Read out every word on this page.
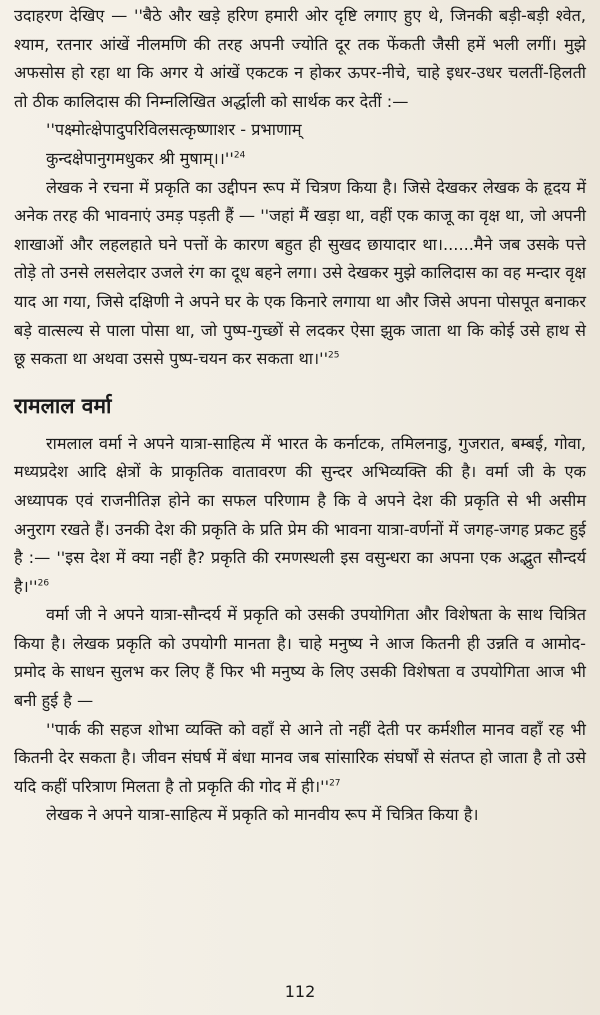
उदाहरण देखिए — ''बैठे और खड़े हरिण हमारी ओर दृष्टि लगाए हुए थे, जिनकी बड़ी-बड़ी श्वेत, श्याम, रतनार आंखें नीलमणि की तरह अपनी ज्योति दूर तक फेंकती जैसी हमें भली लगीं। मुझे अफसोस हो रहा था कि अगर ये आंखें एकटक न होकर ऊपर-नीचे, चाहे इधर-उधर चलतीं-हिलती तो ठीक कालिदास की निम्नलिखित अर्द्धाली को सार्थक कर देतीं :—

''पक्ष्मोत्क्षेपादुपरिविलसत्कृष्णाशर - प्रभाणाम्

कुन्दक्षेपानुगमधुकर श्री $मुषाम्।।''^{24}$

लेखक ने रचना में प्रकृति का उद्दीपन रूप में चित्रण किया है। जिसे देखकर लेखक के हृदय में अनेक तरह की भावनाएं उमड़ पड़ती हैं — ''जहां मैं खड़ा था, वहीं एक काजू का वृक्ष था, जो अपनी शाखाओं और लहलहाते घने पत्तों के कारण बहुत ही सुखद छायादार था।......मैने जब उसके पत्ते तोड़े तो उनसे लसलेदार उजले रंग का दूध बहने लगा। उसे देखकर मुझे कालिदास का वह मन्दार वृक्ष याद आ गया, जिसे दक्षिणी ने अपने घर के एक किनारे लगाया था और जिसे अपना पोसपूत बनाकर बड़े वात्सल्य से पाला पोसा था, जो पुष्प-गुच्छों से लदकर ऐसा झुक जाता था कि कोई उसे हाथ से छू सकता था अथवा उससे पुष्प-चयन कर सकता $था।''^{25}$

रामलाल वर्मा

रामलाल वर्मा ने अपने यात्रा-साहित्य में भारत के कर्नाटक, तमिलनाडु, गुजरात, बम्बई, गोवा, मध्यप्रदेश आदि क्षेत्रों के प्राकृतिक वातावरण की सुन्दर अभिव्यक्ति की है। वर्मा जी के एक अध्यापक एवं राजनीतिज्ञ होने का सफल परिणाम है कि वे अपने देश की प्रकृति से भी असीम अनुराग रखते हैं। उनकी देश की प्रकृति के प्रति प्रेम की भावना यात्रा-वर्णनों में जगह-जगह प्रकट हुई है :— ''इस देश में क्या नहीं है? प्रकृति की रमणस्थली इस वसुन्धरा का अपना एक अद्भुत सौन्दर्य $है।''^{26}$

वर्मा जी ने अपने यात्रा-सौन्दर्य में प्रकृति को उसकी उपयोगिता और विशेषता के साथ चित्रित किया है। लेखक प्रकृति को उपयोगी मानता है। चाहे मनुष्य ने आज कितनी ही उन्नति व आमोद-प्रमोद के साधन सुलभ कर लिए हैं फिर भी मनुष्य के लिए उसकी विशेषता व उपयोगिता आज भी बनी हुई है —

''पार्क की सहज शोभा व्यक्ति को वहाँ से आने तो नहीं देती पर कर्मशील मानव वहाँ रह भी कितनी देर सकता है। जीवन संघर्ष में बंधा मानव जब सांसारिक संघर्षों से संतप्त हो जाता है तो उसे यदि कहीं परित्राण मिलता है तो प्रकृति की गोद में $ही।''^{27}$

लेखक ने अपने यात्रा-साहित्य में प्रकृति को मानवीय रूप में चित्रित किया है।

112
